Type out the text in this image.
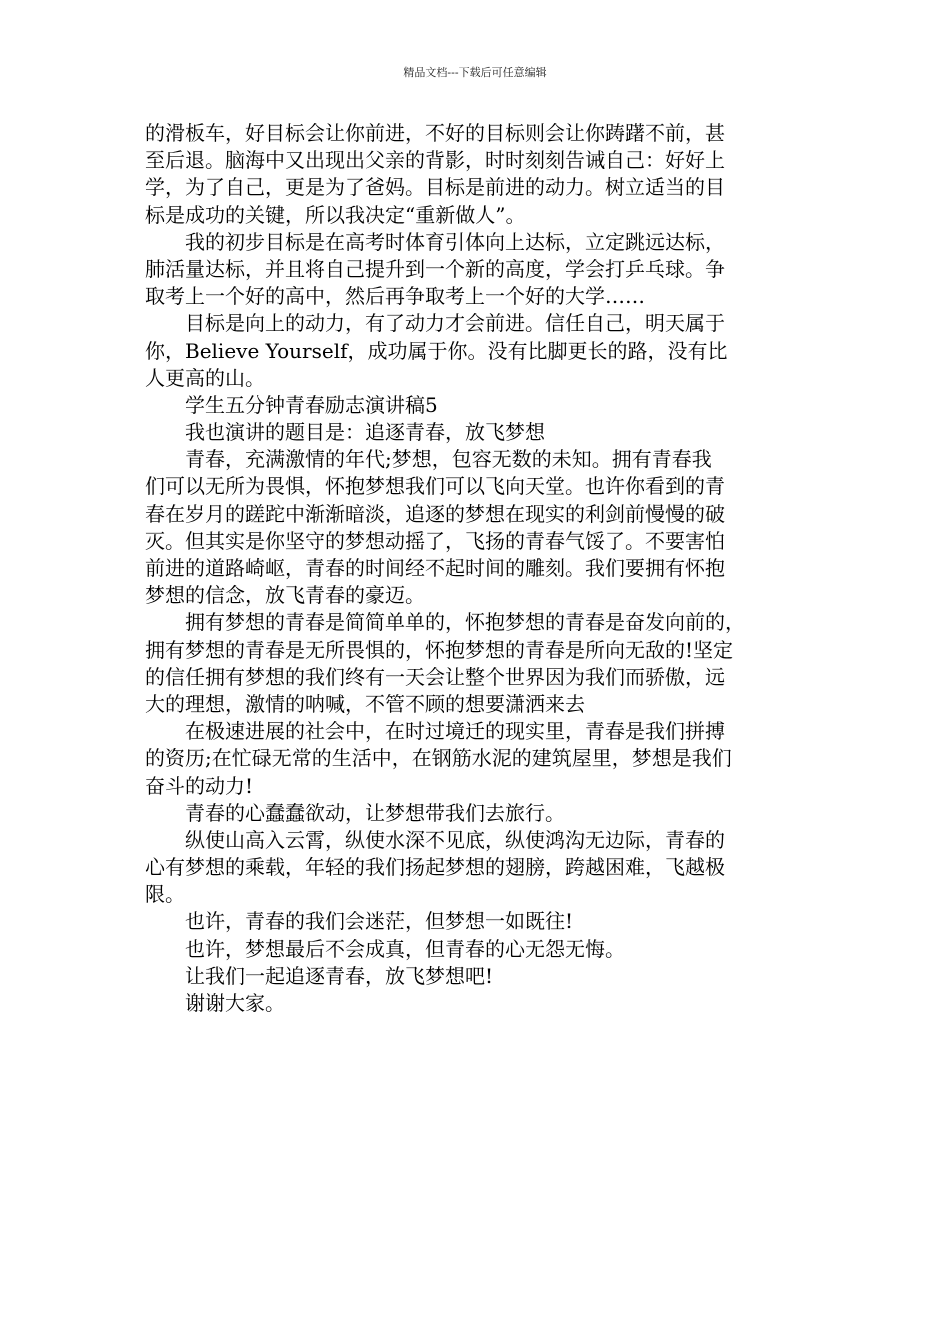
精品文档---下载后可任意编辑
的滑板车，好目标会让你前进，不好的目标则会让你踌躇不前，甚
至后退。脑海中又出现出父亲的背影，时时刻刻告诫自己：好好上
学，为了自己，更是为了爸妈。目标是前进的动力。树立适当的目
标是成功的关键，所以我决定“重新做人”。
　　我的初步目标是在高考时体育引体向上达标，立定跳远达标，
肺活量达标，并且将自己提升到一个新的高度，学会打乒乓球。争
取考上一个好的高中，然后再争取考上一个好的大学……
　　目标是向上的动力，有了动力才会前进。信任自己，明天属于
你，Believe Yourself，成功属于你。没有比脚更长的路，没有比
人更高的山。
　　学生五分钟青春励志演讲稿5
　　我也演讲的题目是：追逐青春，放飞梦想
　　青春，充满激情的年代;梦想，包容无数的未知。拥有青春我
们可以无所为畏惧，怀抱梦想我们可以飞向天堂。也许你看到的青
春在岁月的蹉跎中渐渐暗淡，追逐的梦想在现实的利剑前慢慢的破
灭。但其实是你坚守的梦想动摇了，飞扬的青春气馁了。不要害怕
前进的道路崎岖，青春的时间经不起时间的雕刻。我们要拥有怀抱
梦想的信念，放飞青春的豪迈。
　　拥有梦想的青春是简简单单的，怀抱梦想的青春是奋发向前的，
拥有梦想的青春是无所畏惧的，怀抱梦想的青春是所向无敌的!坚定
的信任拥有梦想的我们终有一天会让整个世界因为我们而骄傲，远
大的理想，激情的呐喊，不管不顾的想要潇洒来去
　　在极速进展的社会中，在时过境迁的现实里，青春是我们拼搏
的资历;在忙碌无常的生活中，在钢筋水泥的建筑屋里，梦想是我们
奋斗的动力!
　　青春的心蠢蠢欲动，让梦想带我们去旅行。
　　纵使山高入云霄，纵使水深不见底，纵使鸿沟无边际，青春的
心有梦想的乘载，年轻的我们扬起梦想的翅膀，跨越困难，飞越极
限。
　　也许，青春的我们会迷茫，但梦想一如既往!
　　也许，梦想最后不会成真，但青春的心无怨无悔。
　　让我们一起追逐青春，放飞梦想吧!
　　谢谢大家。
